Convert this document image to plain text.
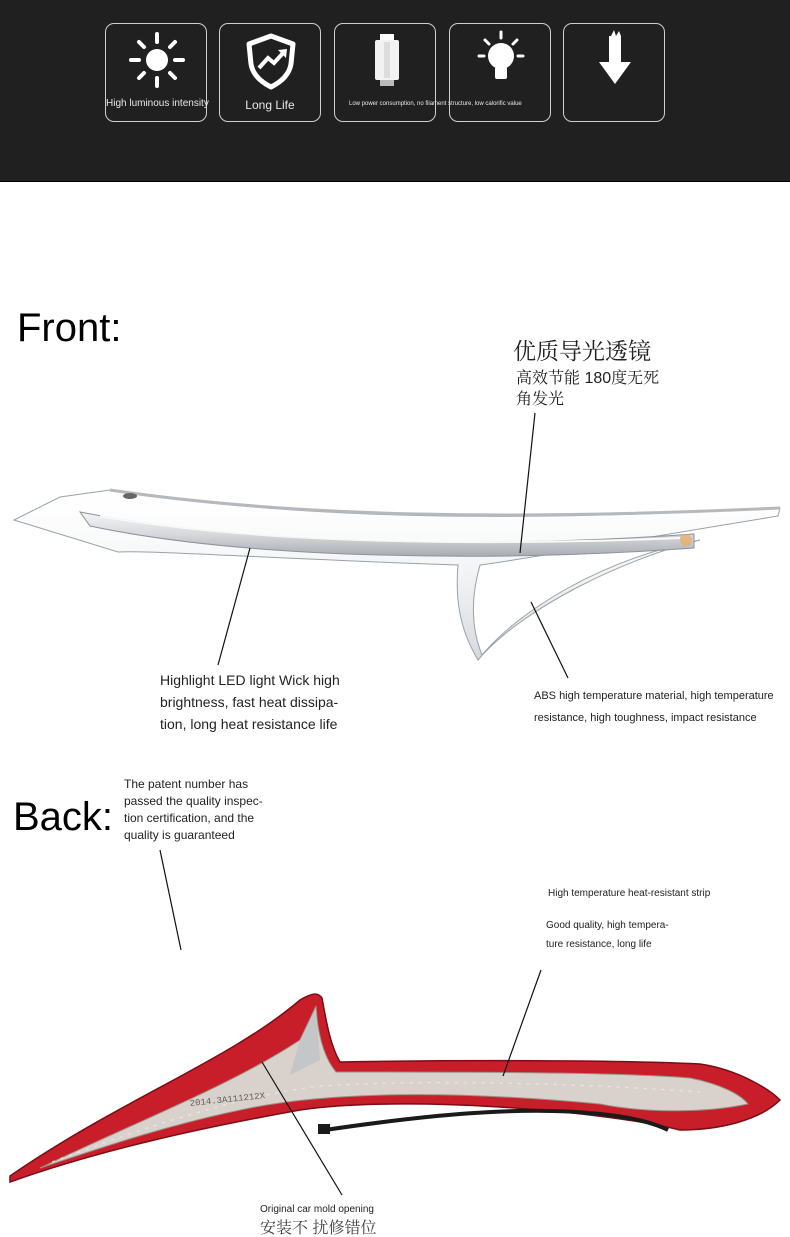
High luminous intensity	Long Life	Low power consumption, no filament structure, low calorific value
2014.3A111212X
Front:
优质导光透镜
高效节能 180度无死
角发光
Highlight LED light Wick high
brightness, fast heat dissipa-
tion, long heat resistance life
ABS high temperature material, high temperature
resistance, high toughness, impact resistance
Back:
The patent number has
passed the quality inspec-
tion certification, and the
quality is guaranteed
High temperature heat-resistant strip
Good quality, high tempera-
ture resistance, long life
Original car mold opening
安装不 扰修错位
